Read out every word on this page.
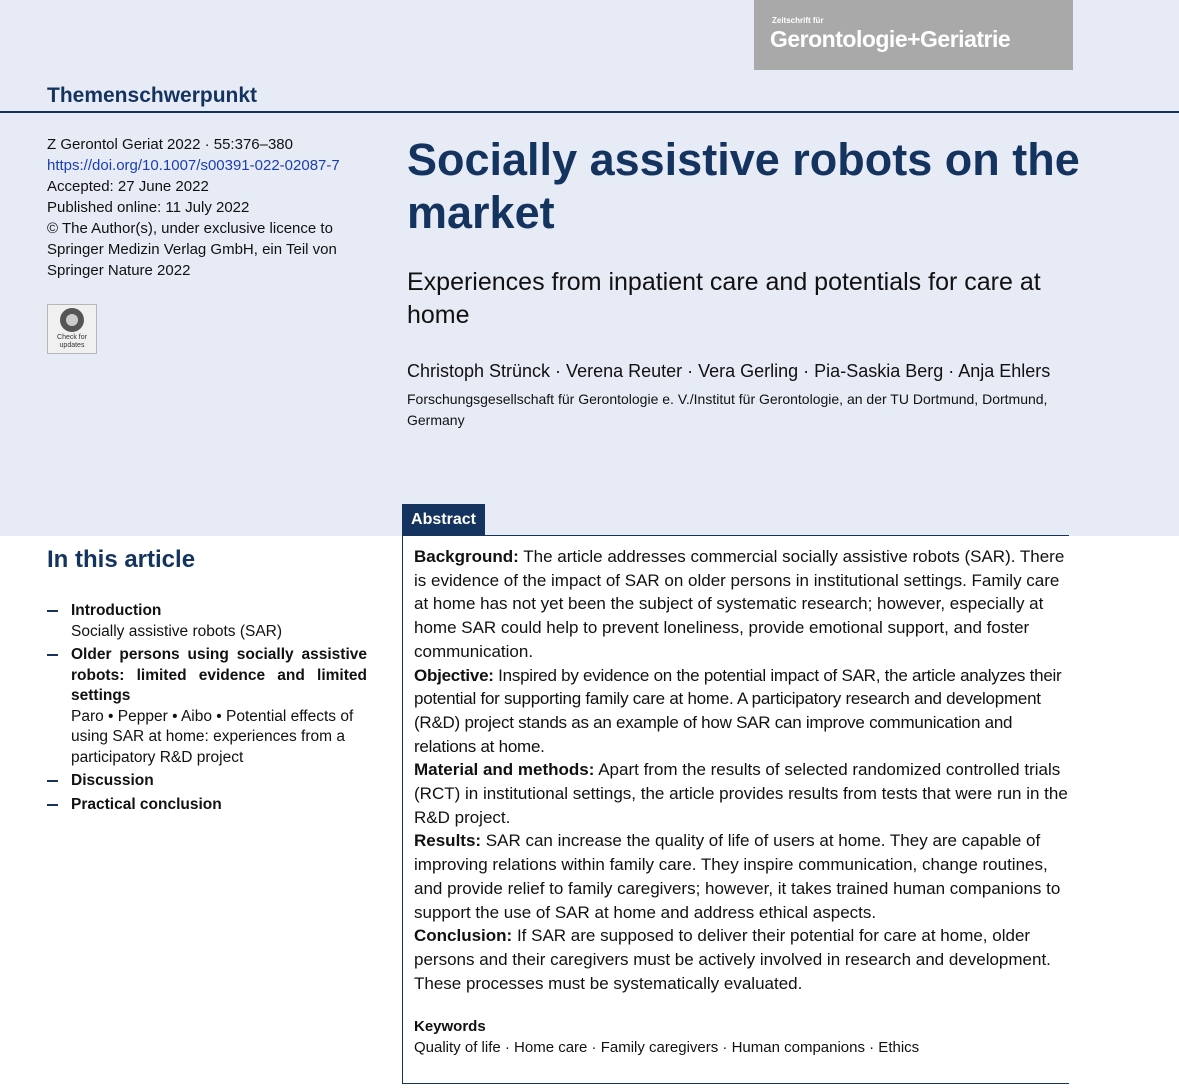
Zeitschrift für
Gerontologie+Geriatrie
Themenschwerpunkt
Z Gerontol Geriat 2022 · 55:376–380
https://doi.org/10.1007/s00391-022-02087-7
Accepted: 27 June 2022
Published online: 11 July 2022
© The Author(s), under exclusive licence to
Springer Medizin Verlag GmbH, ein Teil von
Springer Nature 2022
Check for updates
Socially assistive robots on the market
Experiences from inpatient care and potentials for care at home
Christoph Strünck · Verena Reuter · Vera Gerling · Pia-Saskia Berg · Anja Ehlers
Forschungsgesellschaft für Gerontologie e. V./Institut für Gerontologie, an der TU Dortmund, Dortmund, Germany
In this article
Introduction
Socially assistive robots (SAR)
Older persons using socially assistive robots: limited evidence and limited settings
Paro • Pepper • Aibo • Potential effects of using SAR at home: experiences from a participatory R&D project
Discussion
Practical conclusion
Abstract
Background: The article addresses commercial socially assistive robots (SAR). There is evidence of the impact of SAR on older persons in institutional settings. Family care at home has not yet been the subject of systematic research; however, especially at home SAR could help to prevent loneliness, provide emotional support, and foster communication.
Objective: Inspired by evidence on the potential impact of SAR, the article analyzes their potential for supporting family care at home. A participatory research and development (R&D) project stands as an example of how SAR can improve communication and relations at home.
Material and methods: Apart from the results of selected randomized controlled trials (RCT) in institutional settings, the article provides results from tests that were run in the R&D project.
Results: SAR can increase the quality of life of users at home. They are capable of improving relations within family care. They inspire communication, change routines, and provide relief to family caregivers; however, it takes trained human companions to support the use of SAR at home and address ethical aspects.
Conclusion: If SAR are supposed to deliver their potential for care at home, older persons and their caregivers must be actively involved in research and development. These processes must be systematically evaluated.
Keywords
Quality of life · Home care · Family caregivers · Human companions · Ethics
